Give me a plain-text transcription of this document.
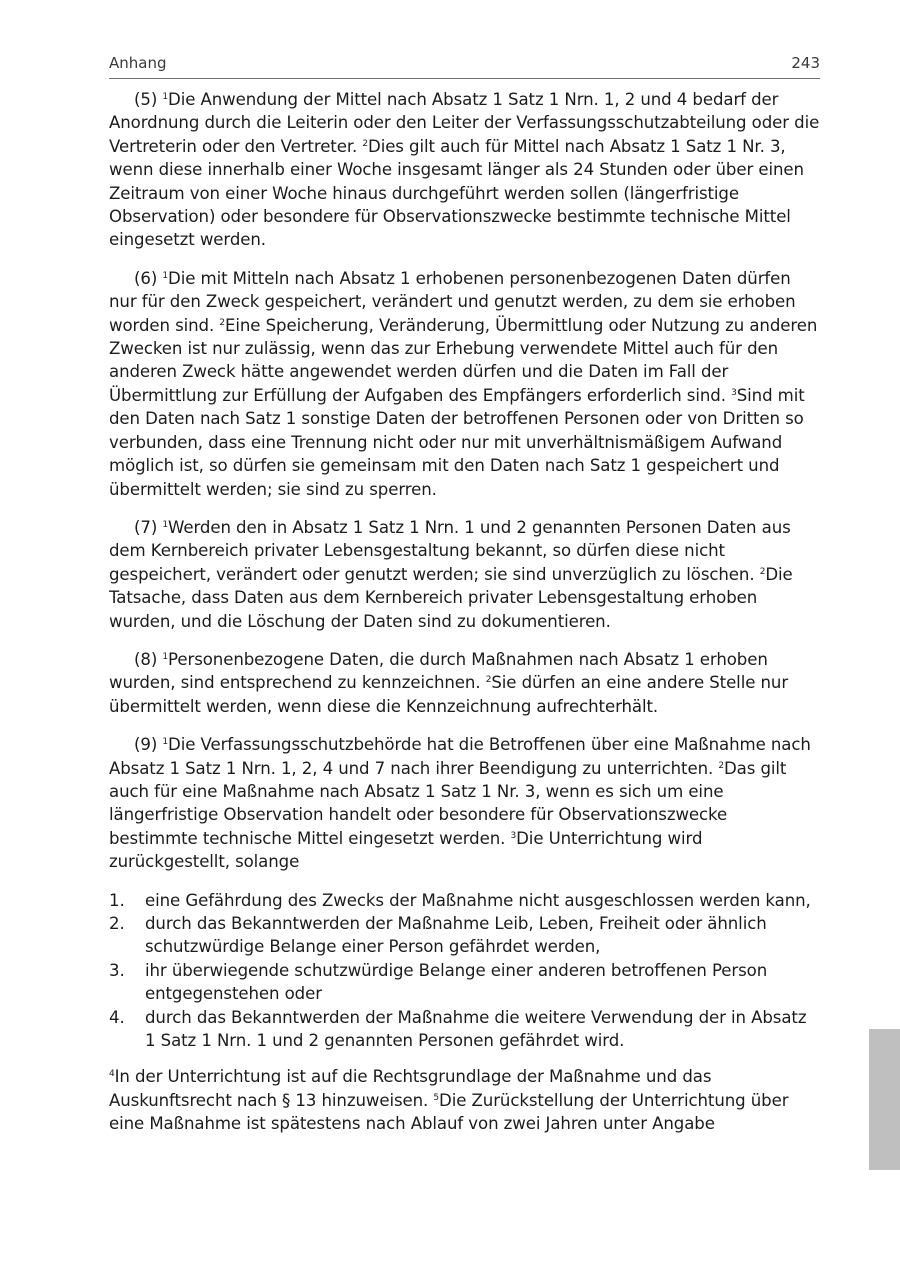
Anhang	243

(5) $^1$Die Anwendung der Mittel nach Absatz 1 Satz 1 Nrn. 1, 2 und 4 bedarf der Anordnung durch die Leiterin oder den Leiter der Verfassungsschutzabteilung oder die Vertreterin oder den Vertreter. $^2$Dies gilt auch für Mittel nach Absatz 1 Satz 1 Nr. 3, wenn diese innerhalb einer Woche insgesamt länger als 24 Stunden oder über einen Zeitraum von einer Woche hinaus durchgeführt werden sollen (längerfristige Observation) oder besondere für Observationszwecke bestimmte technische Mittel eingesetzt werden.

(6) $^1$Die mit Mitteln nach Absatz 1 erhobenen personenbezogenen Daten dürfen nur für den Zweck gespeichert, verändert und genutzt werden, zu dem sie erhoben worden sind. $^2$Eine Speicherung, Veränderung, Übermittlung oder Nutzung zu anderen Zwecken ist nur zulässig, wenn das zur Erhebung verwendete Mittel auch für den anderen Zweck hätte angewendet werden dürfen und die Daten im Fall der Übermittlung zur Erfüllung der Aufgaben des Empfängers erforderlich sind. $^3$Sind mit den Daten nach Satz 1 sonstige Daten der betroffenen Personen oder von Dritten so verbunden, dass eine Trennung nicht oder nur mit unverhältnismäßigem Aufwand möglich ist, so dürfen sie gemeinsam mit den Daten nach Satz 1 gespeichert und übermittelt werden; sie sind zu sperren.

(7) $^1$Werden den in Absatz 1 Satz 1 Nrn. 1 und 2 genannten Personen Daten aus dem Kernbereich privater Lebensgestaltung bekannt, so dürfen diese nicht gespeichert, verändert oder genutzt werden; sie sind unverzüglich zu löschen. $^2$Die Tatsache, dass Daten aus dem Kernbereich privater Lebensgestaltung erhoben wurden, und die Löschung der Daten sind zu dokumentieren.

(8) $^1$Personenbezogene Daten, die durch Maßnahmen nach Absatz 1 erhoben wurden, sind entsprechend zu kennzeichnen. $^2$Sie dürfen an eine andere Stelle nur übermittelt werden, wenn diese die Kennzeichnung aufrechterhält.

(9) $^1$Die Verfassungsschutzbehörde hat die Betroffenen über eine Maßnahme nach Absatz 1 Satz 1 Nrn. 1, 2, 4 und 7 nach ihrer Beendigung zu unterrichten. $^2$Das gilt auch für eine Maßnahme nach Absatz 1 Satz 1 Nr. 3, wenn es sich um eine längerfristige Observation handelt oder besondere für Observationszwecke bestimmte technische Mittel eingesetzt werden. $^3$Die Unterrichtung wird zurückgestellt, solange

1. eine Gefährdung des Zwecks der Maßnahme nicht ausgeschlossen werden kann,
2. durch das Bekanntwerden der Maßnahme Leib, Leben, Freiheit oder ähnlich schutzwürdige Belange einer Person gefährdet werden,
3. ihr überwiegende schutzwürdige Belange einer anderen betroffenen Person entgegenstehen oder
4. durch das Bekanntwerden der Maßnahme die weitere Verwendung der in Absatz 1 Satz 1 Nrn. 1 und 2 genannten Personen gefährdet wird.

$^4$In der Unterrichtung ist auf die Rechtsgrundlage der Maßnahme und das Auskunftsrecht nach § 13 hinzuweisen. $^5$Die Zurückstellung der Unterrichtung über eine Maßnahme ist spätestens nach Ablauf von zwei Jahren unter Angabe
